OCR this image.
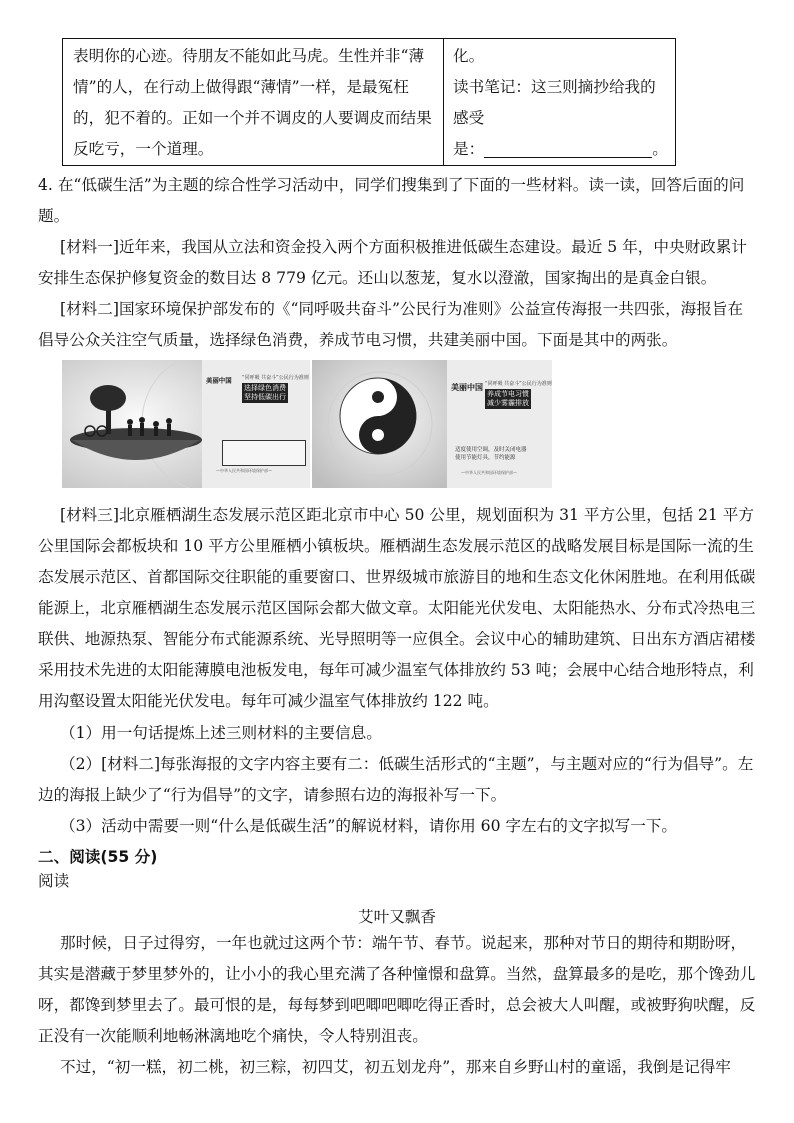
表明你的心迹。待朋友不能如此马虎。生性并非“薄
情”的人，在行动上做得跟“薄情”一样，是最冤枉
的，犯不着的。正如一个并不调皮的人要调皮而结果
反吃亏，一个道理。
化。
读书笔记：这三则摘抄给我的
感受
是：	。
4. 在“低碳生活”为主题的综合性学习活动中，同学们搜集到了下面的一些材料。读一读，回答后面的问题。
[材料一]近年来，我国从立法和资金投入两个方面积极推进低碳生态建设。最近 5 年，中央财政累计安排生态保护修复资金的数目达 8 779 亿元。还山以葱茏，复水以澄澈，国家掏出的是真金白银。
[材料二]国家环境保护部发布的《“同呼吸共奋斗”公民行为准则》公益宣传海报一共四张，海报旨在倡导公众关注空气质量，选择绿色消费，养成节电习惯，共建美丽中国。下面是其中的两张。
美丽中国 “同呼吸 共奋斗”公民行为准则
选择绿色消费
坚持低碳出行
—中华人民共和国环境保护部—
美丽中国 “同呼吸 共奋斗”公民行为准则
养成节电习惯
减少雾霾排放
适度使用空调，及时关闭电器
使用节能灯具，节约能源
—中华人民共和国环境保护部—
[材料三]北京雁栖湖生态发展示范区距北京市中心 50 公里，规划面积为 31 平方公里，包括 21 平方公里国际会都板块和 10 平方公里雁栖小镇板块。雁栖湖生态发展示范区的战略发展目标是国际一流的生态发展示范区、首都国际交往职能的重要窗口、世界级城市旅游目的地和生态文化休闲胜地。在利用低碳能源上，北京雁栖湖生态发展示范区国际会都大做文章。太阳能光伏发电、太阳能热水、分布式冷热电三联供、地源热泵、智能分布式能源系统、光导照明等一应俱全。会议中心的辅助建筑、日出东方酒店裙楼采用技术先进的太阳能薄膜电池板发电，每年可减少温室气体排放约 53 吨；会展中心结合地形特点，利用沟壑设置太阳能光伏发电。每年可减少温室气体排放约 122 吨。
（1）用一句话提炼上述三则材料的主要信息。
（2）[材料二]每张海报的文字内容主要有二：低碳生活形式的“主题”，与主题对应的“行为倡导”。左边的海报上缺少了“行为倡导”的文字，请参照右边的海报补写一下。
（3）活动中需要一则“什么是低碳生活”的解说材料，请你用 60 字左右的文字拟写一下。
二、阅读(55 分)
阅读
艾叶又飘香
那时候，日子过得穷，一年也就过这两个节：端午节、春节。说起来，那种对节日的期待和期盼呀，其实是潜藏于梦里梦外的，让小小的我心里充满了各种憧憬和盘算。当然，盘算最多的是吃，那个馋劲儿呀，都馋到梦里去了。最可恨的是，每每梦到吧唧吧唧吃得正香时，总会被大人叫醒，或被野狗吠醒，反正没有一次能顺利地畅淋漓地吃个痛快，令人特别沮丧。
不过，“初一糕，初二桃，初三粽，初四艾，初五划龙舟”，那来自乡野山村的童谣，我倒是记得牢
